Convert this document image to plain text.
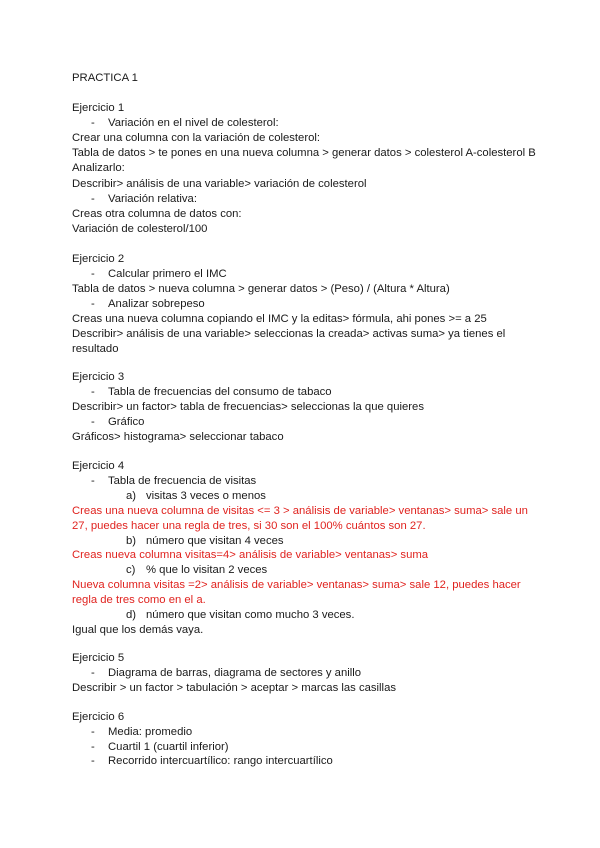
PRACTICA 1
Ejercicio 1
- Variación en el nivel de colesterol:
Crear una columna con la variación de colesterol:
Tabla de datos > te pones en una nueva columna > generar datos > colesterol A-colesterol B
Analizarlo:
Describir> análisis de una variable> variación de colesterol
- Variación relativa:
Creas otra columna de datos con:
Variación de colesterol/100
Ejercicio 2
- Calcular primero el IMC
Tabla de datos > nueva columna > generar datos > (Peso) / (Altura * Altura)
- Analizar sobrepeso
Creas una nueva columna copiando el IMC y la editas> fórmula, ahi pones >= a 25
Describir> análisis de una variable> seleccionas la creada> activas suma> ya tienes el
resultado
Ejercicio 3
- Tabla de frecuencias del consumo de tabaco
Describir> un factor> tabla de frecuencias> seleccionas la que quieres
- Gráfico
Gráficos> histograma> seleccionar tabaco
Ejercicio 4
- Tabla de frecuencia de visitas
a) visitas 3 veces o menos
Creas una nueva columna de visitas <= 3 > análisis de variable> ventanas> suma> sale un
27, puedes hacer una regla de tres, si 30 son el 100% cuántos son 27.
b) número que visitan 4 veces
Creas nueva columna visitas=4> análisis de variable> ventanas> suma
c) % que lo visitan 2 veces
Nueva columna visitas =2> análisis de variable> ventanas> suma> sale 12, puedes hacer
regla de tres como en el a.
d) número que visitan como mucho 3 veces.
Igual que los demás vaya.
Ejercicio 5
- Diagrama de barras, diagrama de sectores y anillo
Describir > un factor > tabulación > aceptar > marcas las casillas
Ejercicio 6
- Media: promedio
- Cuartil 1 (cuartil inferior)
- Recorrido intercuartílico: rango intercuartílico
